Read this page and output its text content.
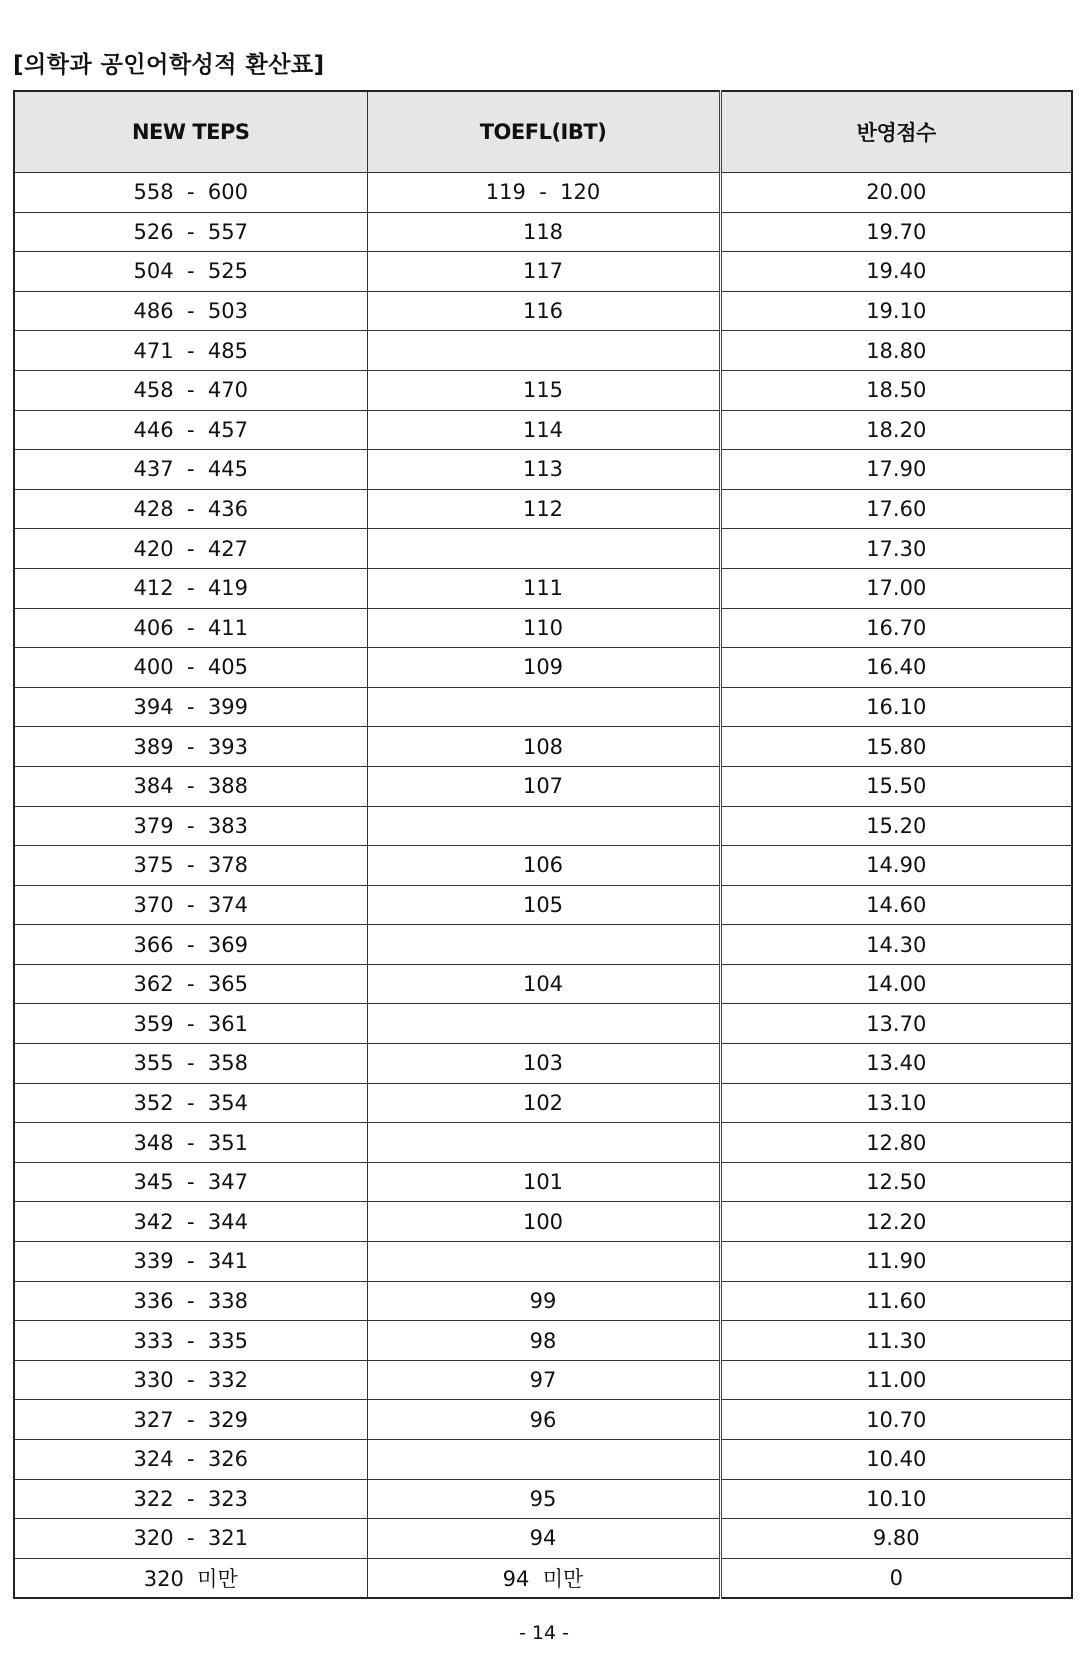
[의학과 공인어학성적 환산표]
NEW TEPS	TOEFL(IBT)	반영점수
558  -  600	119  -  120	20.00
526  -  557	118	19.70
504  -  525	117	19.40
486  -  503	116	19.10
471  -  485		18.80
458  -  470	115	18.50
446  -  457	114	18.20
437  -  445	113	17.90
428  -  436	112	17.60
420  -  427		17.30
412  -  419	111	17.00
406  -  411	110	16.70
400  -  405	109	16.40
394  -  399		16.10
389  -  393	108	15.80
384  -  388	107	15.50
379  -  383		15.20
375  -  378	106	14.90
370  -  374	105	14.60
366  -  369		14.30
362  -  365	104	14.00
359  -  361		13.70
355  -  358	103	13.40
352  -  354	102	13.10
348  -  351		12.80
345  -  347	101	12.50
342  -  344	100	12.20
339  -  341		11.90
336  -  338	99	11.60
333  -  335	98	11.30
330  -  332	97	11.00
327  -  329	96	10.70
324  -  326		10.40
322  -  323	95	10.10
320  -  321	94	9.80
320  미만	94  미만	0
- 14 -
